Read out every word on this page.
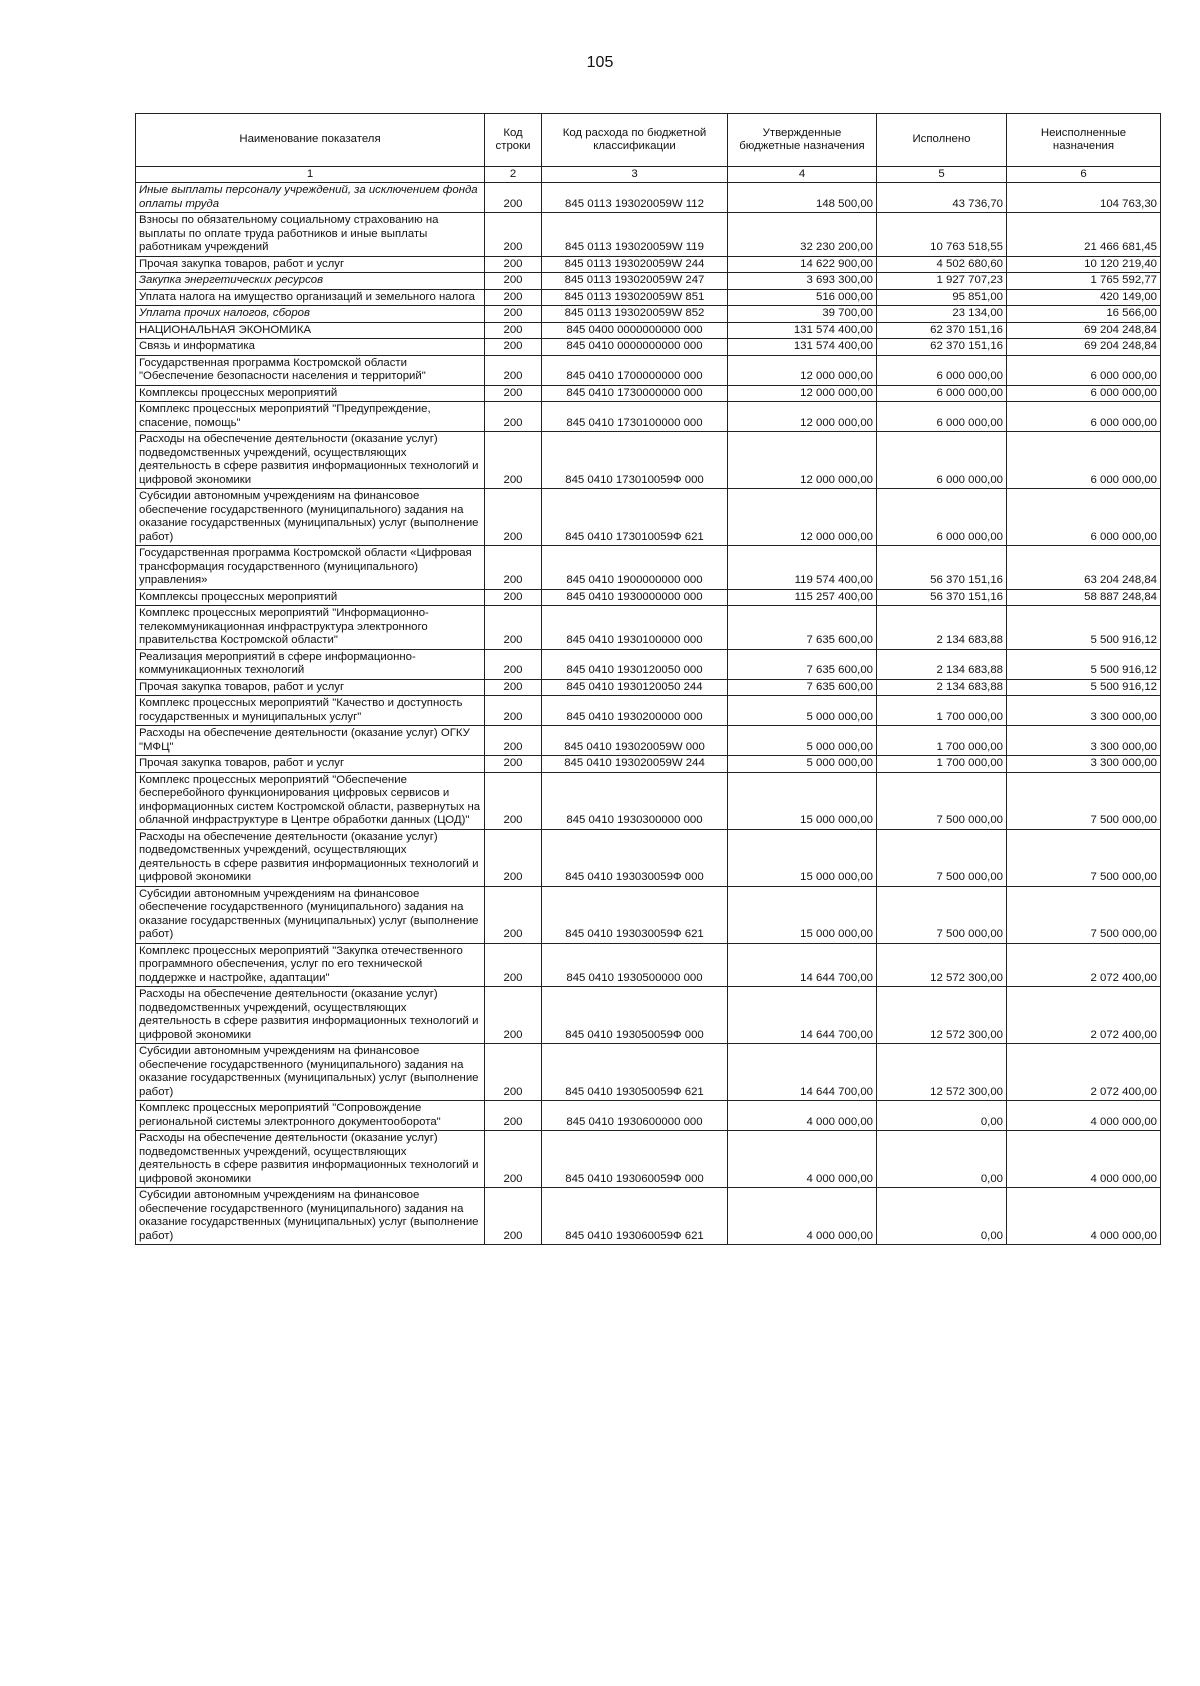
105
Наименование показателя	Код строки	Код расхода по бюджетной классификации	Утвержденные бюджетные назначения	Исполнено	Неисполненные назначения
1	2	3	4	5	6
Иные выплаты персоналу учреждений, за исключением фонда оплаты труда	200	845 0113 193020059W 112	148 500,00	43 736,70	104 763,30
Взносы по обязательному социальному страхованию на выплаты по оплате труда работников и иные выплаты работникам учреждений	200	845 0113 193020059W 119	32 230 200,00	10 763 518,55	21 466 681,45
Прочая закупка товаров, работ и услуг	200	845 0113 193020059W 244	14 622 900,00	4 502 680,60	10 120 219,40
Закупка энергетических ресурсов	200	845 0113 193020059W 247	3 693 300,00	1 927 707,23	1 765 592,77
Уплата налога на имущество организаций и земельного налога	200	845 0113 193020059W 851	516 000,00	95 851,00	420 149,00
Уплата прочих налогов, сборов	200	845 0113 193020059W 852	39 700,00	23 134,00	16 566,00
НАЦИОНАЛЬНАЯ ЭКОНОМИКА	200	845 0400 0000000000 000	131 574 400,00	62 370 151,16	69 204 248,84
Связь и информатика	200	845 0410 0000000000 000	131 574 400,00	62 370 151,16	69 204 248,84
Государственная программа Костромской области "Обеспечение безопасности населения и территорий"	200	845 0410 1700000000 000	12 000 000,00	6 000 000,00	6 000 000,00
Комплексы процессных мероприятий	200	845 0410 1730000000 000	12 000 000,00	6 000 000,00	6 000 000,00
Комплекс процессных мероприятий "Предупреждение, спасение, помощь"	200	845 0410 1730100000 000	12 000 000,00	6 000 000,00	6 000 000,00
Расходы на обеспечение деятельности (оказание услуг) подведомственных учреждений, осуществляющих деятельность в сфере развития информационных технологий и цифровой экономики	200	845 0410 173010059Ф 000	12 000 000,00	6 000 000,00	6 000 000,00
Субсидии автономным учреждениям на финансовое обеспечение государственного (муниципального) задания на оказание государственных (муниципальных) услуг (выполнение работ)	200	845 0410 173010059Ф 621	12 000 000,00	6 000 000,00	6 000 000,00
Государственная программа Костромской области «Цифровая трансформация государственного (муниципального) управления»	200	845 0410 1900000000 000	119 574 400,00	56 370 151,16	63 204 248,84
Комплексы процессных мероприятий	200	845 0410 1930000000 000	115 257 400,00	56 370 151,16	58 887 248,84
Комплекс процессных мероприятий "Информационно-телекоммуникационная инфраструктура электронного правительства Костромской области"	200	845 0410 1930100000 000	7 635 600,00	2 134 683,88	5 500 916,12
Реализация мероприятий в сфере информационно-коммуникационных технологий	200	845 0410 1930120050 000	7 635 600,00	2 134 683,88	5 500 916,12
Прочая закупка товаров, работ и услуг	200	845 0410 1930120050 244	7 635 600,00	2 134 683,88	5 500 916,12
Комплекс процессных мероприятий "Качество и доступность государственных и муниципальных услуг"	200	845 0410 1930200000 000	5 000 000,00	1 700 000,00	3 300 000,00
Расходы на обеспечение деятельности (оказание услуг) ОГКУ "МФЦ"	200	845 0410 193020059W 000	5 000 000,00	1 700 000,00	3 300 000,00
Прочая закупка товаров, работ и услуг	200	845 0410 193020059W 244	5 000 000,00	1 700 000,00	3 300 000,00
Комплекс процессных мероприятий "Обеспечение бесперебойного функционирования цифровых сервисов и информационных систем Костромской области, развернутых на облачной инфраструктуре в Центре обработки данных (ЦОД)"	200	845 0410 1930300000 000	15 000 000,00	7 500 000,00	7 500 000,00
Расходы на обеспечение деятельности (оказание услуг) подведомственных учреждений, осуществляющих деятельность в сфере развития информационных технологий и цифровой экономики	200	845 0410 193030059Ф 000	15 000 000,00	7 500 000,00	7 500 000,00
Субсидии автономным учреждениям на финансовое обеспечение государственного (муниципального) задания на оказание государственных (муниципальных) услуг (выполнение работ)	200	845 0410 193030059Ф 621	15 000 000,00	7 500 000,00	7 500 000,00
Комплекс процессных мероприятий "Закупка отечественного программного обеспечения, услуг по его технической поддержке и настройке, адаптации"	200	845 0410 1930500000 000	14 644 700,00	12 572 300,00	2 072 400,00
Расходы на обеспечение деятельности (оказание услуг) подведомственных учреждений, осуществляющих деятельность в сфере развития информационных технологий и цифровой экономики	200	845 0410 193050059Ф 000	14 644 700,00	12 572 300,00	2 072 400,00
Субсидии автономным учреждениям на финансовое обеспечение государственного (муниципального) задания на оказание государственных (муниципальных) услуг (выполнение работ)	200	845 0410 193050059Ф 621	14 644 700,00	12 572 300,00	2 072 400,00
Комплекс процессных мероприятий "Сопровождение региональной системы электронного документооборота"	200	845 0410 1930600000 000	4 000 000,00	0,00	4 000 000,00
Расходы на обеспечение деятельности (оказание услуг) подведомственных учреждений, осуществляющих деятельность в сфере развития информационных технологий и цифровой экономики	200	845 0410 193060059Ф 000	4 000 000,00	0,00	4 000 000,00
Субсидии автономным учреждениям на финансовое обеспечение государственного (муниципального) задания на оказание государственных (муниципальных) услуг (выполнение работ)	200	845 0410 193060059Ф 621	4 000 000,00	0,00	4 000 000,00
